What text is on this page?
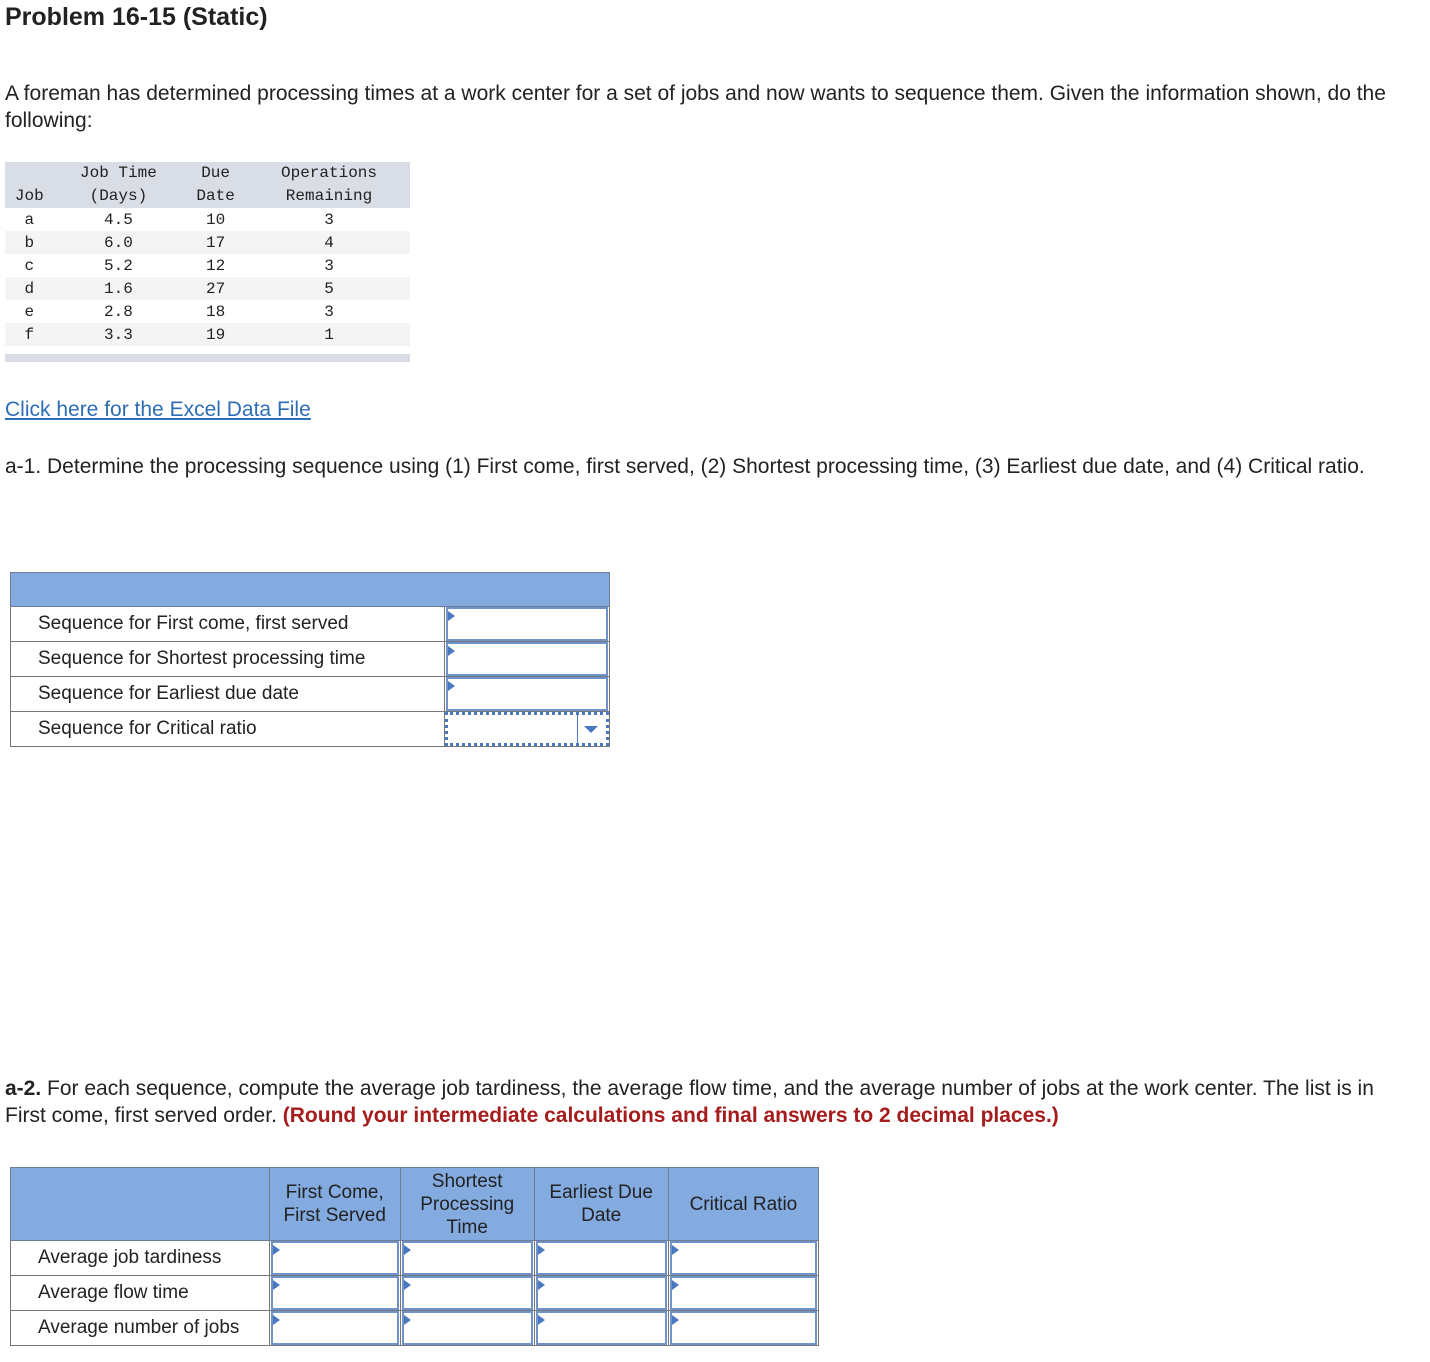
Problem 16-15 (Static)
A foreman has determined processing times at a work center for a set of jobs and now wants to sequence them. Given the information shown, do the following:
	Job Time	Due	Operations
Job	(Days)	Date	Remaining
a	4.5	10	3
b	6.0	17	4
c	5.2	12	3
d	1.6	27	5
e	2.8	18	3
f	3.3	19	1
Click here for the Excel Data File
a-1. Determine the processing sequence using (1) First come, first served, (2) Shortest processing time, (3) Earliest due date, and (4) Critical ratio.

Sequence for First come, first served	

Sequence for Shortest processing time	

Sequence for Earliest due date	

Sequence for Critical ratio	
a-2. For each sequence, compute the average job tardiness, the average flow time, and the average number of jobs at the work center. The list is in First come, first served order. (Round your intermediate calculations and final answers to 2 decimal places.)
	First Come, First Served	Shortest Processing Time	Earliest Due Date	Critical Ratio
Average job tardiness	

Average flow time	

Average number of jobs	
